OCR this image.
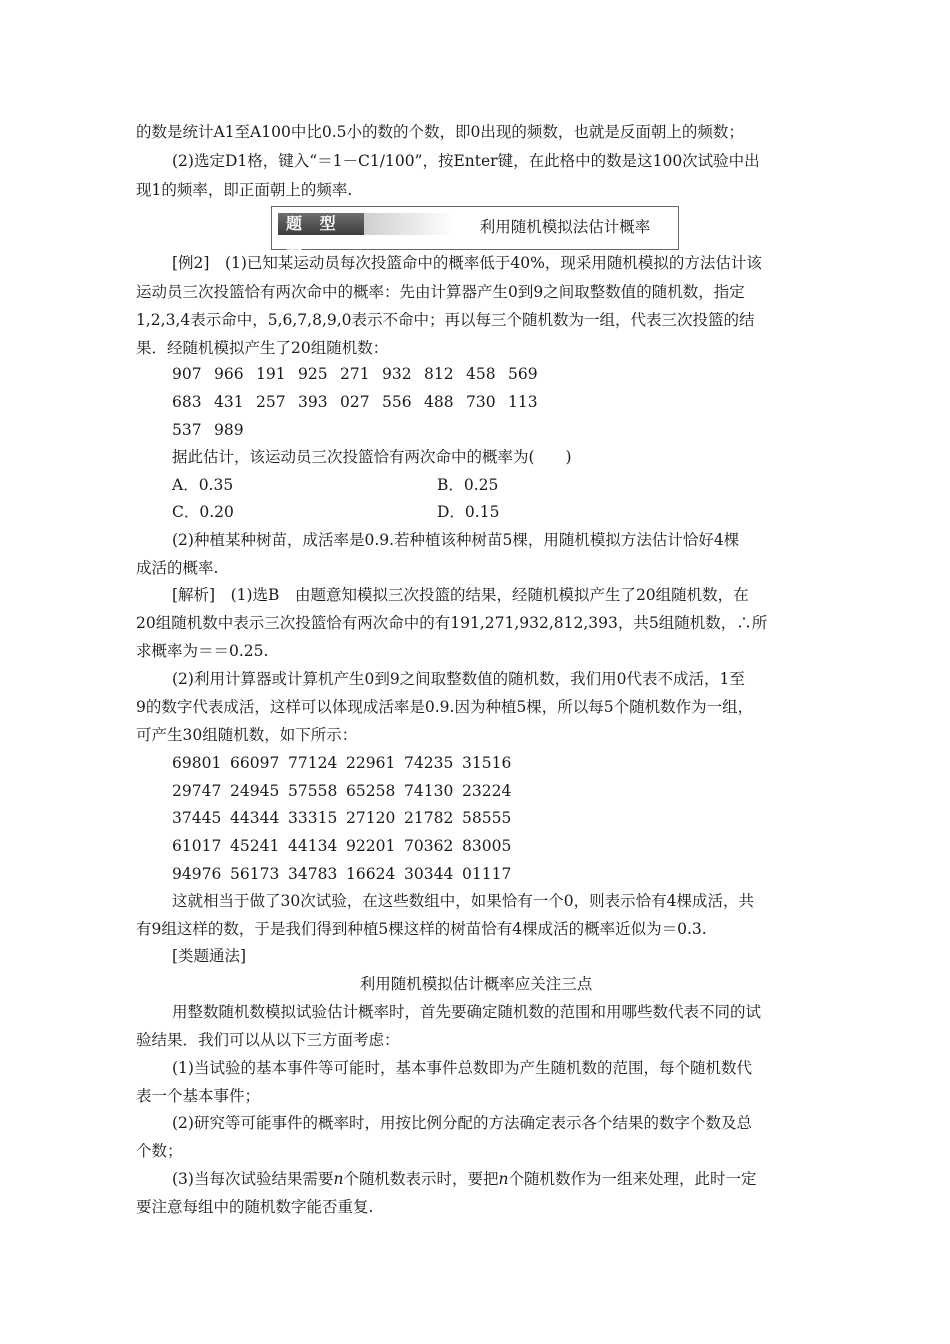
的数是统计A1至A100中比0.5小的数的个数，即0出现的频数，也就是反面朝上的频数；
(2)选定D1格，键入“＝1－C1/100”，按Enter键，在此格中的数是这100次试验中出
现1的频率，即正面朝上的频率.
题 型 二
利用随机模拟法估计概率
[例2]　(1)已知某运动员每次投篮命中的概率低于40%，现采用随机模拟的方法估计该
运动员三次投篮恰有两次命中的概率：先由计算器产生0到9之间取整数值的随机数，指定
1,2,3,4表示命中，5,6,7,8,9,0表示不命中；再以每三个随机数为一组，代表三次投篮的结
果．经随机模拟产生了20组随机数：
907 966 191 925 271 932 812 458 569
683 431 257 393 027 556 488 730 113
537 989
据此估计，该运动员三次投篮恰有两次命中的概率为(　　)
A．0.35	B．0.25
C．0.20	D．0.15
(2)种植某种树苗，成活率是0.9.若种植该种树苗5棵，用随机模拟方法估计恰好4棵
成活的概率.
[解析]　(1)选B　由题意知模拟三次投篮的结果，经随机模拟产生了20组随机数，在
20组随机数中表示三次投篮恰有两次命中的有191,271,932,812,393，共5组随机数，∴所
求概率为＝＝0.25.
(2)利用计算器或计算机产生0到9之间取整数值的随机数，我们用0代表不成活，1至
9的数字代表成活，这样可以体现成活率是0.9.因为种植5棵，所以每5个随机数作为一组，
可产生30组随机数，如下所示：
69801 66097 77124 22961 74235 31516
29747 24945 57558 65258 74130 23224
37445 44344 33315 27120 21782 58555
61017 45241 44134 92201 70362 83005
94976 56173 34783 16624 30344 01117
这就相当于做了30次试验，在这些数组中，如果恰有一个0，则表示恰有4棵成活，共
有9组这样的数，于是我们得到种植5棵这样的树苗恰有4棵成活的概率近似为＝0.3.
[类题通法]
利用随机模拟估计概率应关注三点
用整数随机数模拟试验估计概率时，首先要确定随机数的范围和用哪些数代表不同的试
验结果．我们可以从以下三方面考虑：
(1)当试验的基本事件等可能时，基本事件总数即为产生随机数的范围，每个随机数代
表一个基本事件；
(2)研究等可能事件的概率时，用按比例分配的方法确定表示各个结果的数字个数及总
个数；
(3)当每次试验结果需要n个随机数表示时，要把n个随机数作为一组来处理，此时一定
要注意每组中的随机数字能否重复.
